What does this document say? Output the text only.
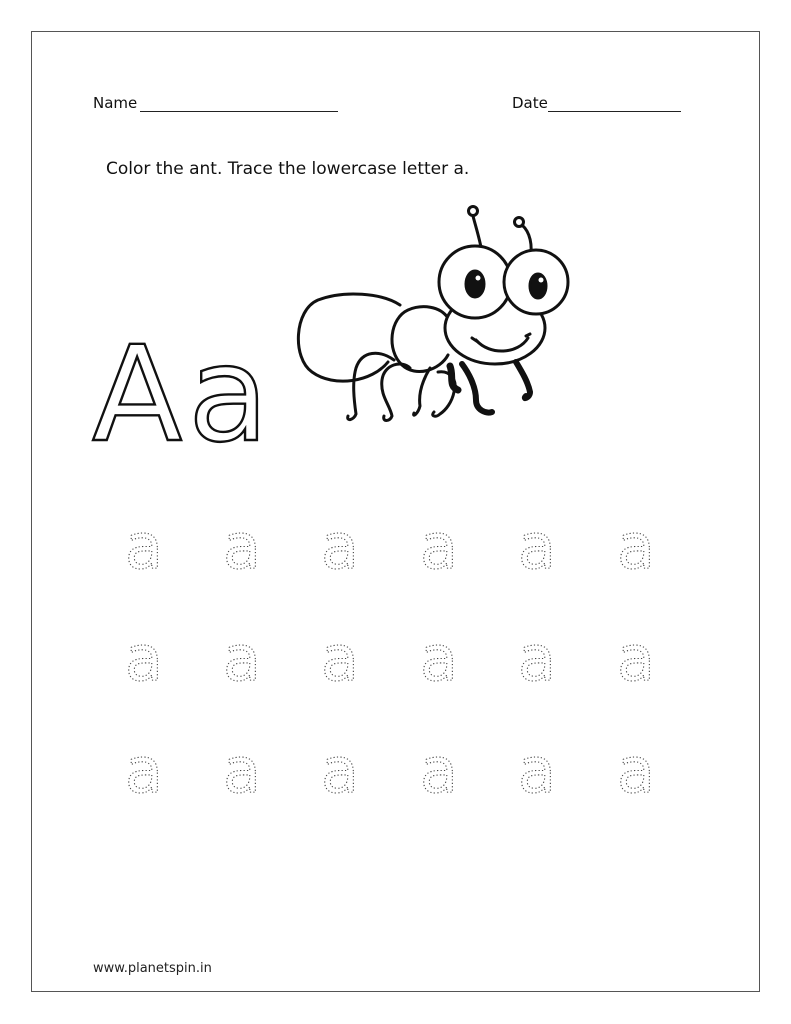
Name	Date
Color the ant. Trace the lowercase letter a.
A a
a a a a a a
a a a a a a
a a a a a a
www.planetspin.in
